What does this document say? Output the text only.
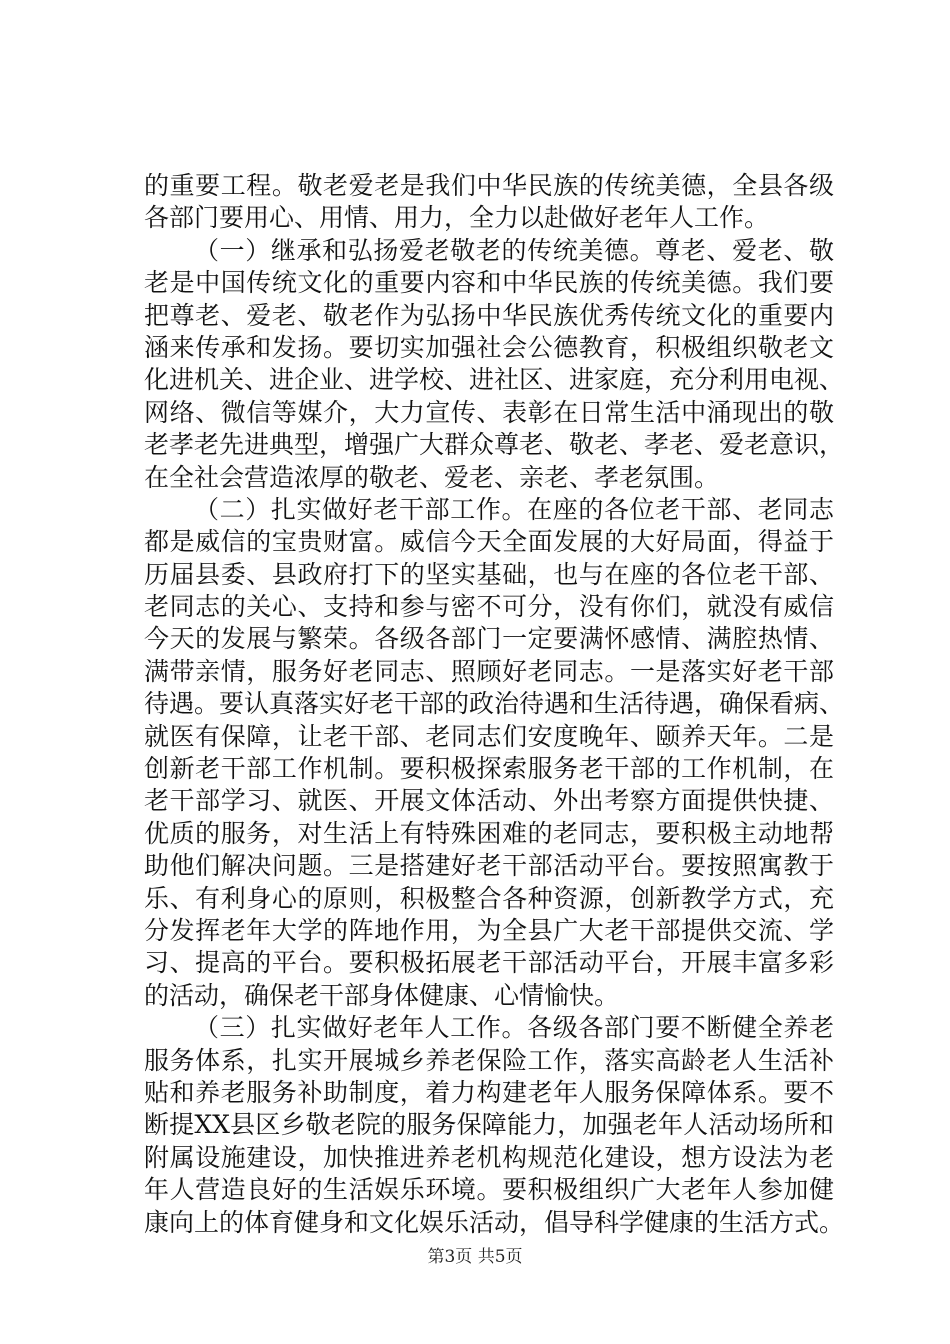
的重要工程。敬老爱老是我们中华民族的传统美德，全县各级
各部门要用心、用情、用力，全力以赴做好老年人工作。
（一）继承和弘扬爱老敬老的传统美德。尊老、爱老、敬
老是中国传统文化的重要内容和中华民族的传统美德。我们要
把尊老、爱老、敬老作为弘扬中华民族优秀传统文化的重要内
涵来传承和发扬。要切实加强社会公德教育，积极组织敬老文
化进机关、进企业、进学校、进社区、进家庭，充分利用电视、
网络、微信等媒介，大力宣传、表彰在日常生活中涌现出的敬
老孝老先进典型，增强广大群众尊老、敬老、孝老、爱老意识，
在全社会营造浓厚的敬老、爱老、亲老、孝老氛围。
（二）扎实做好老干部工作。在座的各位老干部、老同志
都是威信的宝贵财富。威信今天全面发展的大好局面，得益于
历届县委、县政府打下的坚实基础，也与在座的各位老干部、
老同志的关心、支持和参与密不可分，没有你们，就没有威信
今天的发展与繁荣。各级各部门一定要满怀感情、满腔热情、
满带亲情，服务好老同志、照顾好老同志。一是落实好老干部
待遇。要认真落实好老干部的政治待遇和生活待遇，确保看病、
就医有保障，让老干部、老同志们安度晚年、颐养天年。二是
创新老干部工作机制。要积极探索服务老干部的工作机制，在
老干部学习、就医、开展文体活动、外出考察方面提供快捷、
优质的服务，对生活上有特殊困难的老同志，要积极主动地帮
助他们解决问题。三是搭建好老干部活动平台。要按照寓教于
乐、有利身心的原则，积极整合各种资源，创新教学方式，充
分发挥老年大学的阵地作用，为全县广大老干部提供交流、学
习、提高的平台。要积极拓展老干部活动平台，开展丰富多彩
的活动，确保老干部身体健康、心情愉快。
（三）扎实做好老年人工作。各级各部门要不断健全养老
服务体系，扎实开展城乡养老保险工作，落实高龄老人生活补
贴和养老服务补助制度，着力构建老年人服务保障体系。要不
断提XX县区乡敬老院的服务保障能力，加强老年人活动场所和
附属设施建设，加快推进养老机构规范化建设，想方设法为老
年人营造良好的生活娱乐环境。要积极组织广大老年人参加健
康向上的体育健身和文化娱乐活动，倡导科学健康的生活方式。
第3页 共5页
